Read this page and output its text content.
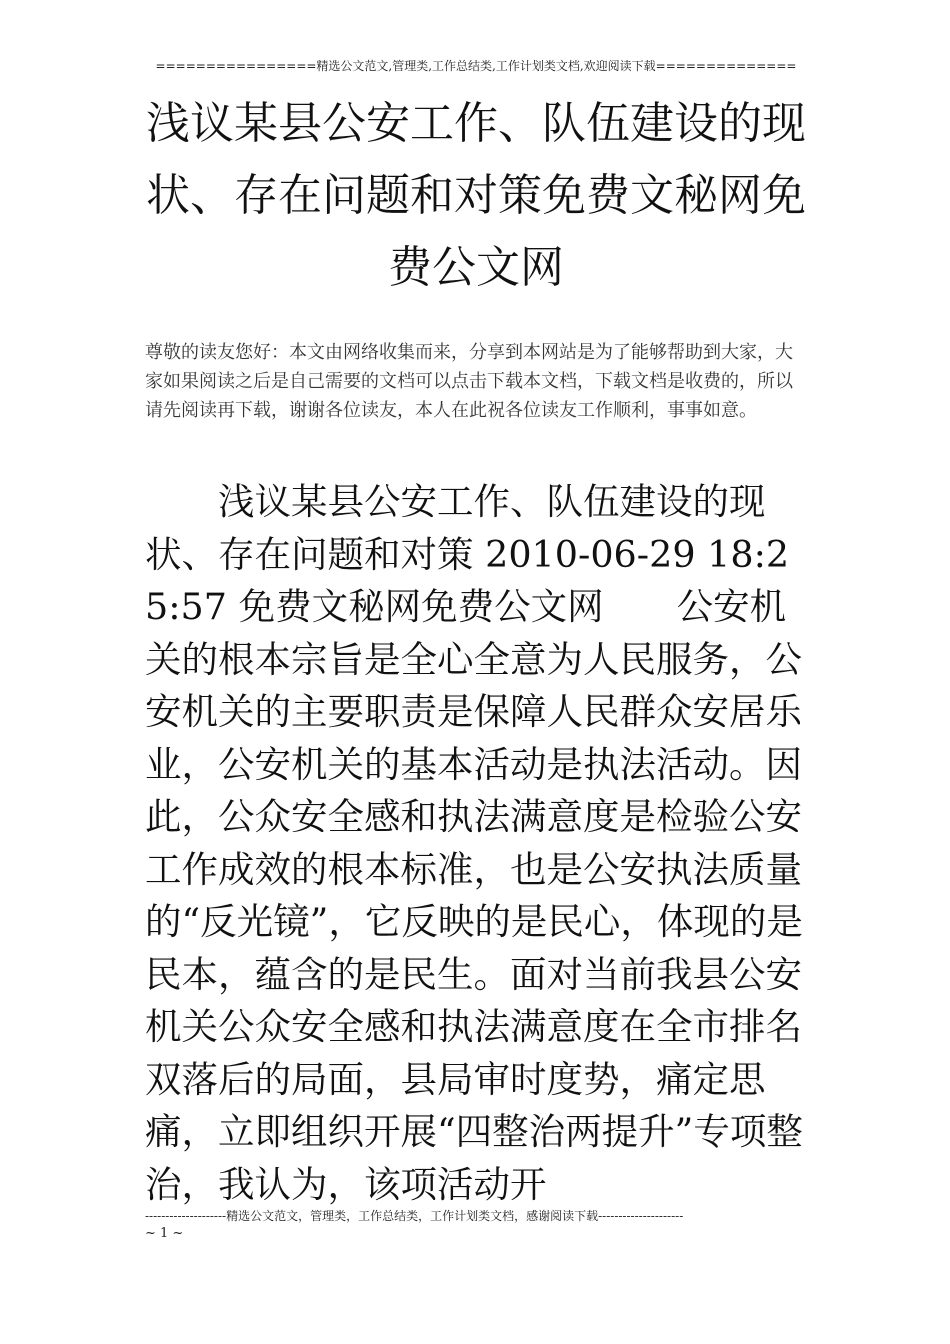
================精选公文范文,管理类,工作总结类,工作计划类文档,欢迎阅读下载==============
浅议某县公安工作、队伍建设的现状、存在问题和对策免费文秘网免费公文网

尊敬的读友您好：本文由网络收集而来，分享到本网站是为了能够帮助到大家，大家如果阅读之后是自己需要的文档可以点击下载本文档，下载文档是收费的，所以请先阅读再下载，谢谢各位读友，本人在此祝各位读友工作顺利，事事如意。

浅议某县公安工作、队伍建设的现状、存在问题和对策 2010-06-29 18:25:57 免费文秘网免费公文网　　公安机关的根本宗旨是全心全意为人民服务，公安机关的主要职责是保障人民群众安居乐业，公安机关的基本活动是执法活动。因此，公众安全感和执法满意度是检验公安工作成效的根本标准，也是公安执法质量的“反光镜”，它反映的是民心，体现的是民本，蕴含的是民生。面对当前我县公安机关公众安全感和执法满意度在全市排名双落后的局面，县局审时度势，痛定思痛，立即组织开展“四整治两提升”专项整治，我认为，该项活动开

--------------------精选公文范文，管理类，工作总结类，工作计划类文档，感谢阅读下载---------------------
~ 1 ~
